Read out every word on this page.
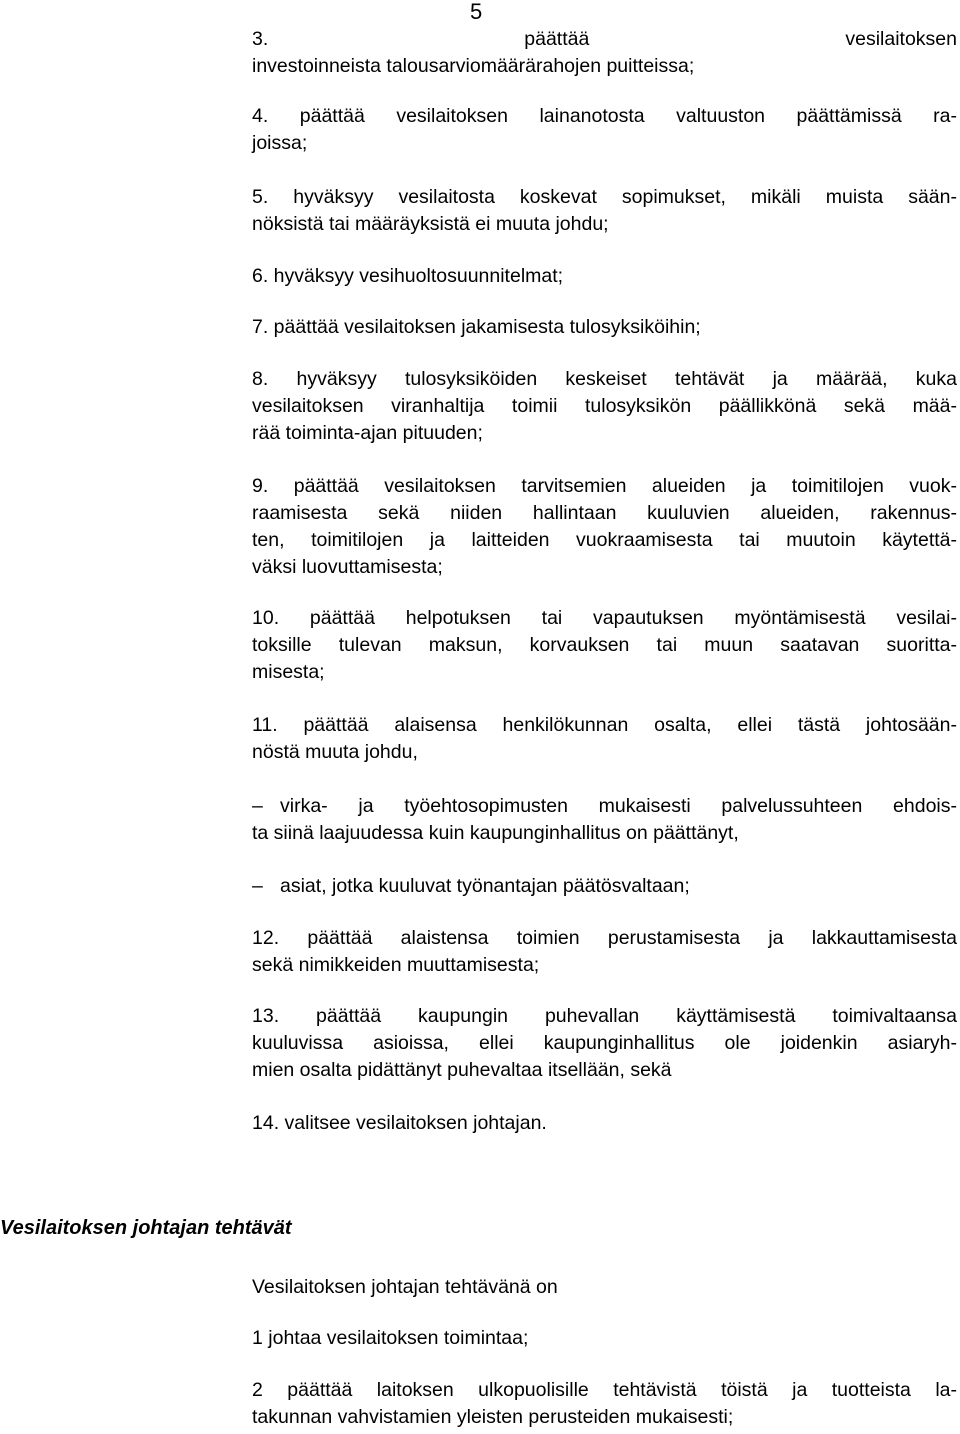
5

3. päättää vesilaitoksen
investoinneista talousarviomäärärahojen puitteissa;

4. päättää vesilaitoksen lainanotosta valtuuston päättämissä ra-
joissa;

5. hyväksyy vesilaitosta koskevat sopimukset, mikäli muista sään-
nöksistä tai määräyksistä ei muuta johdu;

6. hyväksyy vesihuoltosuunnitelmat;

7. päättää vesilaitoksen jakamisesta tulosyksiköihin;

8. hyväksyy tulosyksiköiden keskeiset tehtävät ja määrää, kuka
vesilaitoksen viranhaltija toimii tulosyksikön päällikkönä sekä mää-
rää toiminta-ajan pituuden;

9. päättää vesilaitoksen tarvitsemien alueiden ja toimitilojen vuok-
raamisesta sekä niiden hallintaan kuuluvien alueiden, rakennus-
ten, toimitilojen ja laitteiden vuokraamisesta tai muutoin käytettä-
väksi luovuttamisesta;

10. päättää helpotuksen tai vapautuksen myöntämisestä vesilai-
toksille tulevan maksun, korvauksen tai muun saatavan suoritta-
misesta;

11. päättää alaisensa henkilökunnan osalta, ellei tästä johtosään-
nöstä muuta johdu,

– virka- ja työehtosopimusten mukaisesti palvelussuhteen ehdois-
ta siinä laajuudessa kuin kaupunginhallitus on päättänyt,

– asiat, jotka kuuluvat työnantajan päätösvaltaan;

12. päättää alaistensa toimien perustamisesta ja lakkauttamisesta
sekä nimikkeiden muuttamisesta;

13. päättää kaupungin puhevallan käyttämisestä toimivaltaansa
kuuluvissa asioissa, ellei kaupunginhallitus ole joidenkin asiaryh-
mien osalta pidättänyt puhevaltaa itsellään, sekä

14. valitsee vesilaitoksen johtajan.

Vesilaitoksen johtajan tehtävät

Vesilaitoksen johtajan tehtävänä on

1 johtaa vesilaitoksen toimintaa;

2 päättää laitoksen ulkopuolisille tehtävistä töistä ja tuotteista la-
takunnan vahvistamien yleisten perusteiden mukaisesti;
